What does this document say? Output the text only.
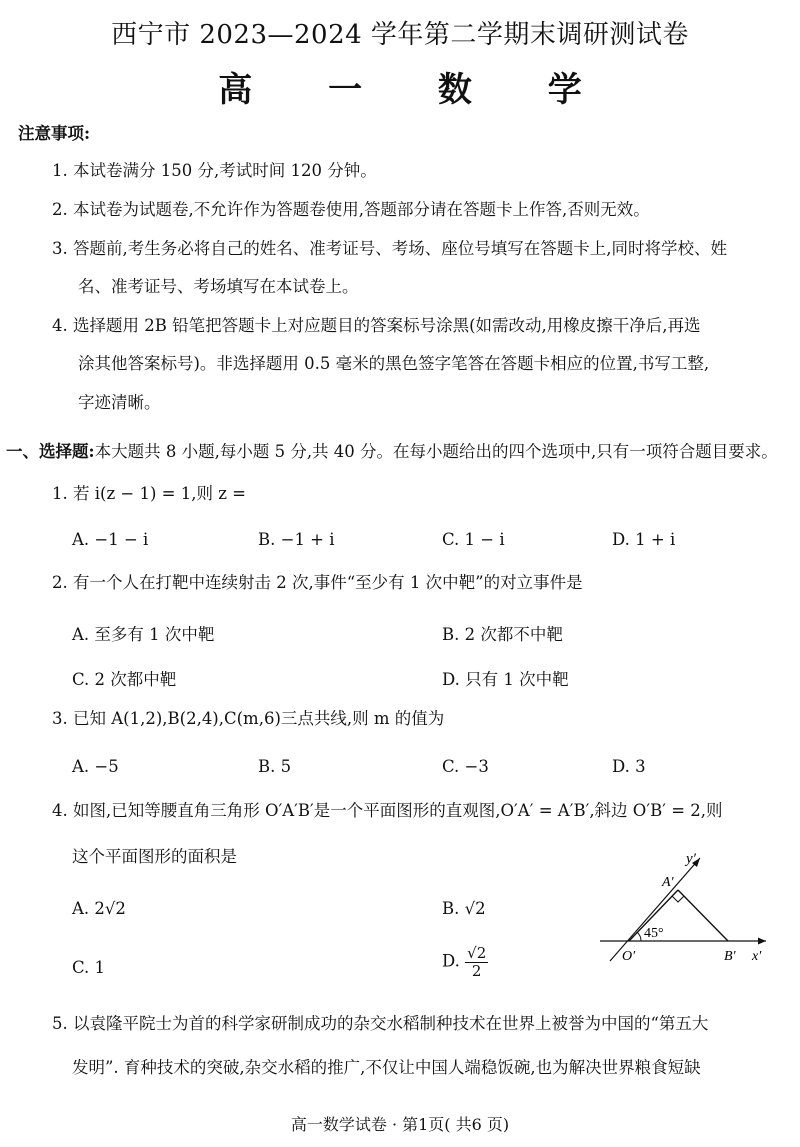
西宁市 2023—2024 学年第二学期末调研测试卷
高 一 数 学
注意事项:
1. 本试卷满分 150 分,考试时间 120 分钟。
2. 本试卷为试题卷,不允许作为答题卷使用,答题部分请在答题卡上作答,否则无效。
3. 答题前,考生务必将自己的姓名、准考证号、考场、座位号填写在答题卡上,同时将学校、姓
名、准考证号、考场填写在本试卷上。
4. 选择题用 2B 铅笔把答题卡上对应题目的答案标号涂黑(如需改动,用橡皮擦干净后,再选
涂其他答案标号)。非选择题用 0.5 毫米的黑色签字笔答在答题卡相应的位置,书写工整,
字迹清晰。
一、选择题:本大题共 8 小题,每小题 5 分,共 40 分。在每小题给出的四个选项中,只有一项符合题目要求。
1. 若 i(z − 1) = 1,则 z =
A. −1 − i	B. −1 + i	C. 1 − i	D. 1 + i
2. 有一个人在打靶中连续射击 2 次,事件“至少有 1 次中靶”的对立事件是
A. 至多有 1 次中靶	B. 2 次都不中靶
C. 2 次都中靶	D. 只有 1 次中靶
3. 已知 A(1,2),B(2,4),C(m,6)三点共线,则 m 的值为
A. −5	B. 5	C. −3	D. 3
4. 如图,已知等腰直角三角形 O′A′B′是一个平面图形的直观图,O′A′ = A′B′,斜边 O′B′ = 2,则
这个平面图形的面积是
A. 2√2	B. √2
C. 1	D. $\frac{√2}{2}$
y′
A′
45°
O′	B′ x′
5. 以袁隆平院士为首的科学家研制成功的杂交水稻制种技术在世界上被誉为中国的“第五大
发明”. 育种技术的突破,杂交水稻的推广,不仅让中国人端稳饭碗,也为解决世界粮食短缺
高一数学试卷 · 第1页( 共6 页)
